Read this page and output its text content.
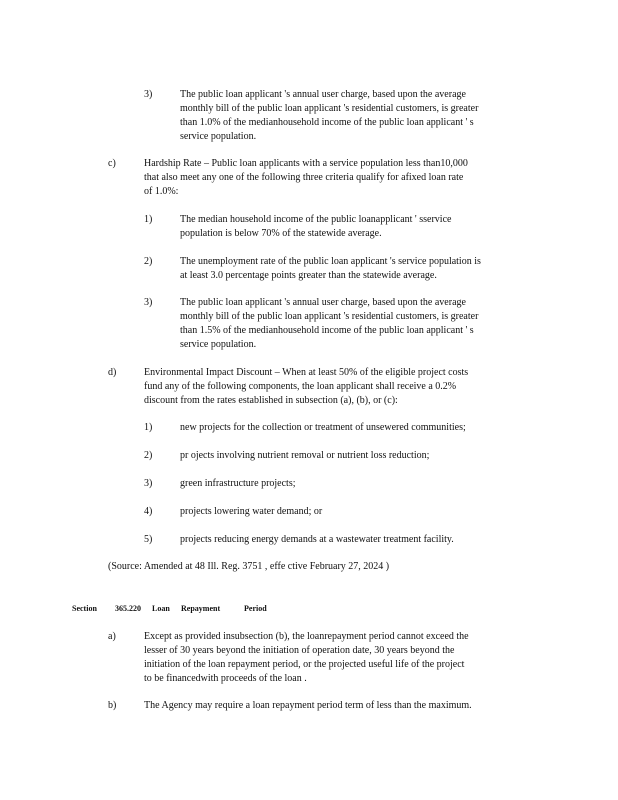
3)	The public loan applicant 's annual user charge, based upon the average
monthly bill of the public loan applicant 's residential customers, is greater
than 1.0% of the medianhousehold income of the public loan applicant ' s
service population.
c)	Hardship Rate – Public loan applicants with a service population less than10,000
that also meet any one of the following three criteria qualify for afixed loan rate
of 1.0%:
1)	The median household income of the public loanapplicant ' sservice
population is below 70% of the statewide average.
2)	The unemployment rate of the public loan applicant 's service population is
at least 3.0 percentage points greater than the statewide average.
3)	The public loan applicant 's annual user charge, based upon the average
monthly bill of the public loan applicant 's residential customers, is greater
than 1.5% of the medianhousehold income of the public loan applicant ' s
service population.
d)	Environmental Impact Discount – When at least 50% of the eligible project costs
fund any of the following components, the loan applicant shall receive a 0.2%
discount from the rates established in subsection (a), (b), or (c):
1)	new projects for the collection or treatment of unsewered communities;
2)	pr ojects involving nutrient removal or nutrient loss reduction;
3)	green infrastructure projects;
4)	projects lowering water demand; or
5)	projects reducing energy demands at a wastewater treatment facility.
(Source: Amended at 48 Ill. Reg. 3751 , effe ctive February 27, 2024 )
Section 365.220 Loan Repayment	Period
a)	Except as provided insubsection (b), the loanrepayment period cannot exceed the
lesser of 30 years beyond the initiation of operation date, 30 years beyond the
initiation of the loan repayment period, or the projected useful life of the project
to be financedwith proceeds of the loan .
b)	The Agency may require a loan repayment period term of less than the maximum.
